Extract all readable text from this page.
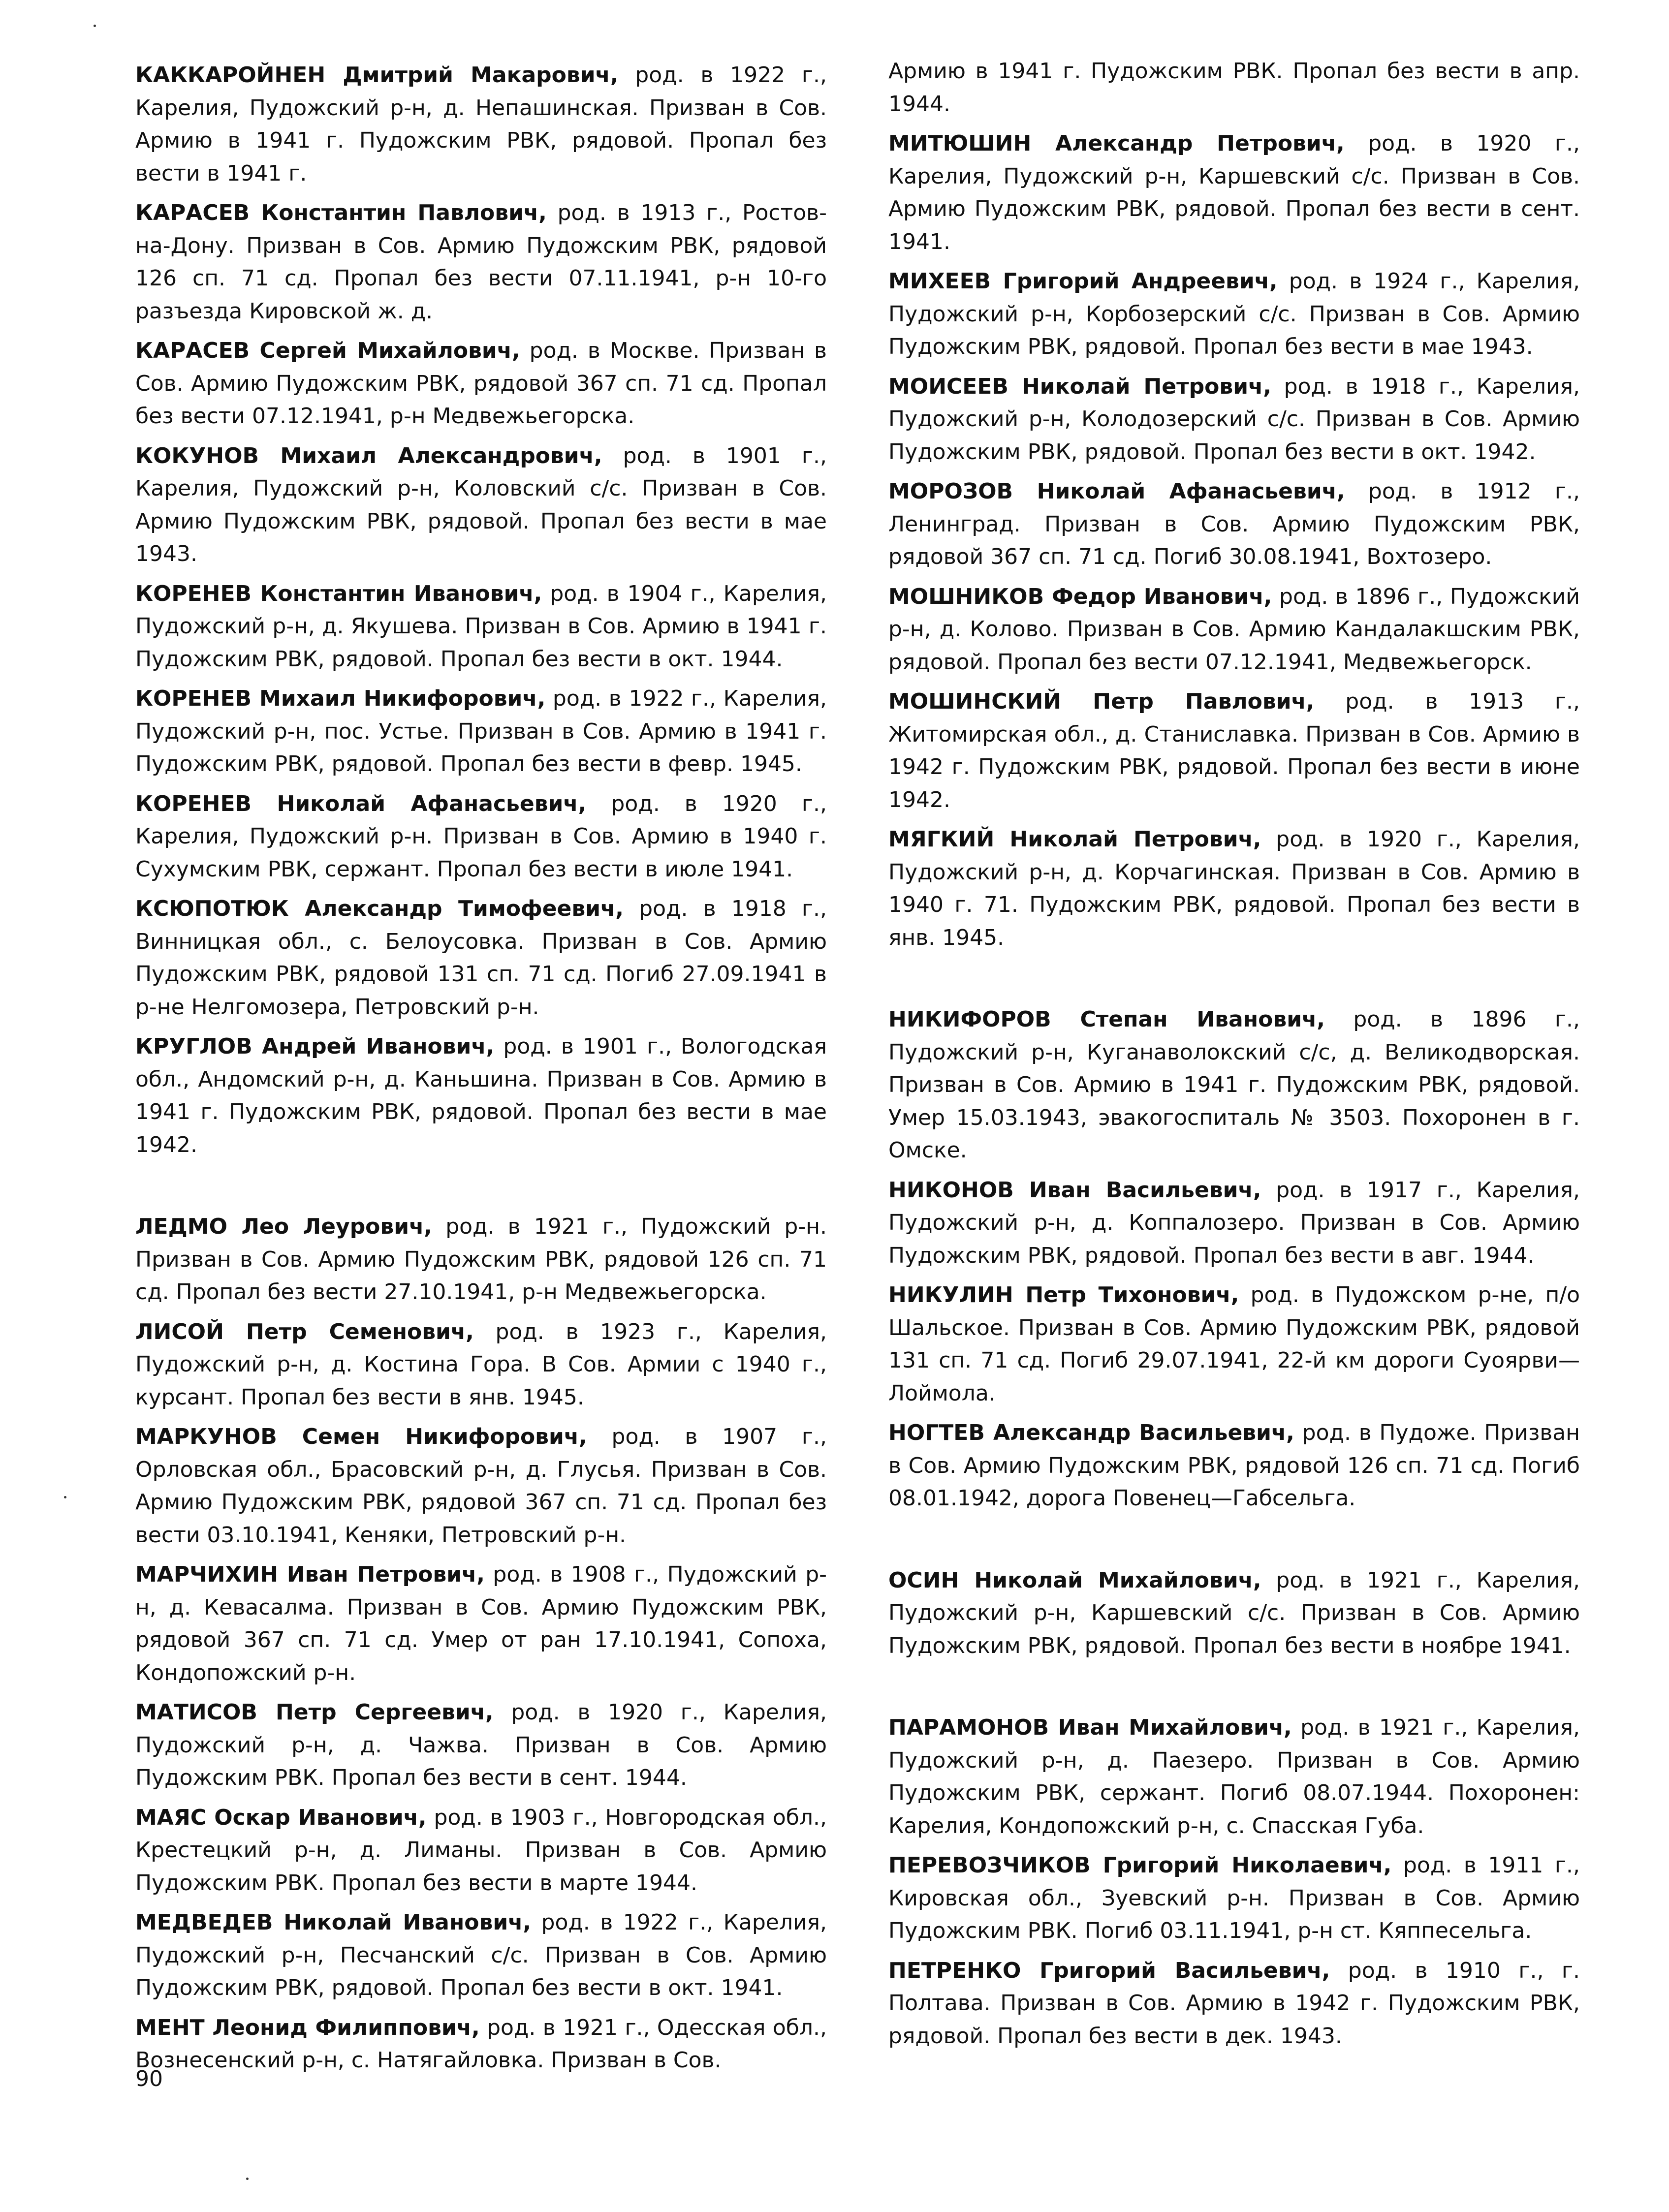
КАККАРОЙНЕН Дмитрий Макарович, род. в 1922 г., Карелия, Пудожский р-н, д. Непашинская. Призван в Сов. Армию в 1941 г. Пудожским РВК, рядовой. Пропал без вести в 1941 г.

КАРАСЕВ Константин Павлович, род. в 1913 г., Ростов-на-Дону. Призван в Сов. Армию Пудожским РВК, рядовой 126 сп. 71 сд. Пропал без вести 07.11.1941, р-н 10-го разъезда Кировской ж. д.

КАРАСЕВ Сергей Михайлович, род. в Москве. Призван в Сов. Армию Пудожским РВК, рядовой 367 сп. 71 сд. Пропал без вести 07.12.1941, р-н Медвежьегорска.

КОКУНОВ Михаил Александрович, род. в 1901 г., Карелия, Пудожский р-н, Коловский с/с. Призван в Сов. Армию Пудожским РВК, рядовой. Пропал без вести в мае 1943.

КОРЕНЕВ Константин Иванович, род. в 1904 г., Карелия, Пудожский р-н, д. Якушева. Призван в Сов. Армию в 1941 г. Пудожским РВК, рядовой. Пропал без вести в окт. 1944.

КОРЕНЕВ Михаил Никифорович, род. в 1922 г., Карелия, Пудожский р-н, пос. Устье. Призван в Сов. Армию в 1941 г. Пудожским РВК, рядовой. Пропал без вести в февр. 1945.

КОРЕНЕВ Николай Афанасьевич, род. в 1920 г., Карелия, Пудожский р-н. Призван в Сов. Армию в 1940 г. Сухумским РВК, сержант. Пропал без вести в июле 1941.

КСЮПОТЮК Александр Тимофеевич, род. в 1918 г., Винницкая обл., с. Белоусовка. Призван в Сов. Армию Пудожским РВК, рядовой 131 сп. 71 сд. Погиб 27.09.1941 в р-не Нелгомозера, Петровский р-н.

КРУГЛОВ Андрей Иванович, род. в 1901 г., Вологодская обл., Андомский р-н, д. Каньшина. Призван в Сов. Армию в 1941 г. Пудожским РВК, рядовой. Пропал без вести в мае 1942.

ЛЕДМО Лео Леурович, род. в 1921 г., Пудожский р-н. Призван в Сов. Армию Пудожским РВК, рядовой 126 сп. 71 сд. Пропал без вести 27.10.1941, р-н Медвежьегорска.

ЛИСОЙ Петр Семенович, род. в 1923 г., Карелия, Пудожский р-н, д. Костина Гора. В Сов. Армии с 1940 г., курсант. Пропал без вести в янв. 1945.

МАРКУНОВ Семен Никифорович, род. в 1907 г., Орловская обл., Брасовский р-н, д. Глусья. Призван в Сов. Армию Пудожским РВК, рядовой 367 сп. 71 сд. Пропал без вести 03.10.1941, Кеняки, Петровский р-н.

МАРЧИХИН Иван Петрович, род. в 1908 г., Пудожский р-н, д. Кевасалма. Призван в Сов. Армию Пудожским РВК, рядовой 367 сп. 71 сд. Умер от ран 17.10.1941, Сопоха, Кондопожский р-н.

МАТИСОВ Петр Сергеевич, род. в 1920 г., Карелия, Пудожский р-н, д. Чажва. Призван в Сов. Армию Пудожским РВК. Пропал без вести в сент. 1944.

МАЯС Оскар Иванович, род. в 1903 г., Новгородская обл., Крестецкий р-н, д. Лиманы. Призван в Сов. Армию Пудожским РВК. Пропал без вести в марте 1944.

МЕДВЕДЕВ Николай Иванович, род. в 1922 г., Карелия, Пудожский р-н, Песчанский с/с. Призван в Сов. Армию Пудожским РВК, рядовой. Пропал без вести в окт. 1941.

МЕНТ Леонид Филиппович, род. в 1921 г., Одесская обл., Вознесенский р-н, с. Натягайловка. Призван в Сов.

Армию в 1941 г. Пудожским РВК. Пропал без вести в апр. 1944.

МИТЮШИН Александр Петрович, род. в 1920 г., Карелия, Пудожский р-н, Каршевский с/с. Призван в Сов. Армию Пудожским РВК, рядовой. Пропал без вести в сент. 1941.

МИХЕЕВ Григорий Андреевич, род. в 1924 г., Карелия, Пудожский р-н, Корбозерский с/с. Призван в Сов. Армию Пудожским РВК, рядовой. Пропал без вести в мае 1943.

МОИСЕЕВ Николай Петрович, род. в 1918 г., Карелия, Пудожский р-н, Колодозерский с/с. Призван в Сов. Армию Пудожским РВК, рядовой. Пропал без вести в окт. 1942.

МОРОЗОВ Николай Афанасьевич, род. в 1912 г., Ленинград. Призван в Сов. Армию Пудожским РВК, рядовой 367 сп. 71 сд. Погиб 30.08.1941, Вохтозеро.

МОШНИКОВ Федор Иванович, род. в 1896 г., Пудожский р-н, д. Колово. Призван в Сов. Армию Кандалакшским РВК, рядовой. Пропал без вести 07.12.1941, Медвежьегорск.

МОШИНСКИЙ Петр Павлович, род. в 1913 г., Житомирская обл., д. Станиславка. Призван в Сов. Армию в 1942 г. Пудожским РВК, рядовой. Пропал без вести в июне 1942.

МЯГКИЙ Николай Петрович, род. в 1920 г., Карелия, Пудожский р-н, д. Корчагинская. Призван в Сов. Армию в 1940 г. 71. Пудожским РВК, рядовой. Пропал без вести в янв. 1945.

НИКИФОРОВ Степан Иванович, род. в 1896 г., Пудожский р-н, Куганаволокский с/с, д. Великодворская. Призван в Сов. Армию в 1941 г. Пудожским РВК, рядовой. Умер 15.03.1943, эвакогоспиталь № 3503. Похоронен в г. Омске.

НИКОНОВ Иван Васильевич, род. в 1917 г., Карелия, Пудожский р-н, д. Коппалозеро. Призван в Сов. Армию Пудожским РВК, рядовой. Пропал без вести в авг. 1944.

НИКУЛИН Петр Тихонович, род. в Пудожском р-не, п/о Шальское. Призван в Сов. Армию Пудожским РВК, рядовой 131 сп. 71 сд. Погиб 29.07.1941, 22-й км дороги Суоярви—Лоймола.

НОГТЕВ Александр Васильевич, род. в Пудоже. Призван в Сов. Армию Пудожским РВК, рядовой 126 сп. 71 сд. Погиб 08.01.1942, дорога Повенец—Габсельга.

ОСИН Николай Михайлович, род. в 1921 г., Карелия, Пудожский р-н, Каршевский с/с. Призван в Сов. Армию Пудожским РВК, рядовой. Пропал без вести в ноябре 1941.

ПАРАМОНОВ Иван Михайлович, род. в 1921 г., Карелия, Пудожский р-н, д. Паезеро. Призван в Сов. Армию Пудожским РВК, сержант. Погиб 08.07.1944. Похоронен: Карелия, Кондопожский р-н, с. Спасская Губа.

ПЕРЕВОЗЧИКОВ Григорий Николаевич, род. в 1911 г., Кировская обл., Зуевский р-н. Призван в Сов. Армию Пудожским РВК. Погиб 03.11.1941, р-н ст. Кяппесельга.

ПЕТРЕНКО Григорий Васильевич, род. в 1910 г., г. Полтава. Призван в Сов. Армию в 1942 г. Пудожским РВК, рядовой. Пропал без вести в дек. 1943.

90
